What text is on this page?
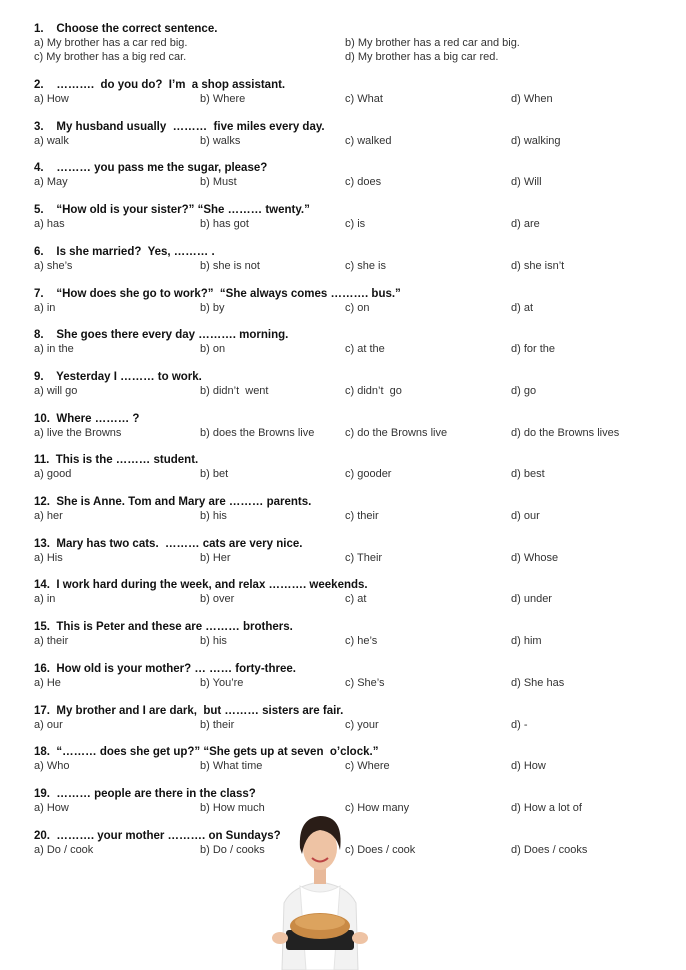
1.    Choose the correct sentence.
a) My brother has a car red big.	b) My brother has a red car and big.
c) My brother has a big red car.	d) My brother has a big car red.
2.    ……….  do you do?  I’m  a shop assistant.
a) How	b) Where	c) What	d) When
3.    My husband usually  ………  five miles every day.
a) walk	b) walks	c) walked	d) walking
4.    ……… you pass me the sugar, please?
a) May	b) Must	c) does	d) Will
5.    “How old is your sister?” “She ……… twenty.”
a) has	b) has got	c) is	d) are
6.    Is she married?  Yes, ……… .
a) she’s	b) she is not	c) she is	d) she isn’t
7.    “How does she go to work?”  “She always comes ………. bus.”
a) in	b) by	c) on	d) at
8.    She goes there every day ………. morning.
a) in the	b) on	c) at the	d) for the
9.    Yesterday I ……… to work.
a) will go	b) didn’t  went	c) didn’t  go	d) go
10.  Where ……… ?
a) live the Browns	b) does the Browns live	c) do the Browns live	d) do the Browns lives
11.  This is the ……… student.
a) good	b) bet	c) gooder	d) best
12.  She is Anne. Tom and Mary are ……… parents.
a) her	b) his	c) their	d) our
13.  Mary has two cats.  ……… cats are very nice.
a) His	b) Her	c) Their	d) Whose
14.  I work hard during the week, and relax ………. weekends.
a) in	b) over	c) at	d) under
15.  This is Peter and these are ……… brothers.
a) their	b) his	c) he’s	d) him
16.  How old is your mother? … …… forty-three.
a) He	b) You’re	c) She’s	d) She has
17.  My brother and I are dark,  but ……… sisters are fair.
a) our	b) their	c) your	d) -
18.  “……… does she get up?” “She gets up at seven  o’clock.”
a) Who	b) What time	c) Where	d) How
19.  ……… people are there in the class?
a) How	b) How much	c) How many	d) How a lot of
20.  ………. your mother ………. on Sundays?
a) Do / cook	b) Do / cooks	c) Does / cook	d) Does / cooks
